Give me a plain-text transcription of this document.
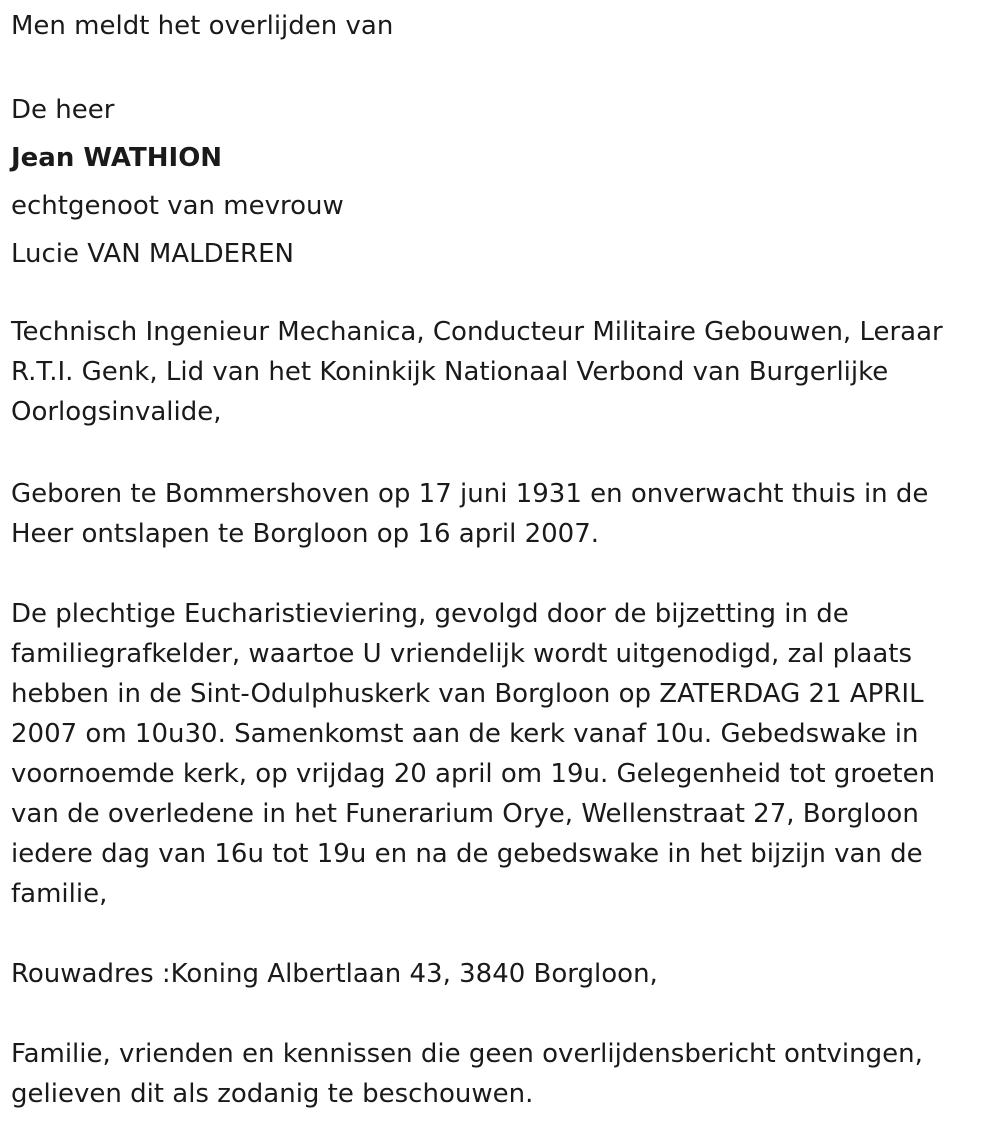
Men meldt het overlijden van

De heer

Jean WATHION

echtgenoot van mevrouw

Lucie VAN MALDEREN

Technisch Ingenieur Mechanica, Conducteur Militaire Gebouwen, Leraar

R.T.I. Genk, Lid van het Koninkijk Nationaal Verbond van Burgerlijke

Oorlogsinvalide,

Geboren te Bommershoven op 17 juni 1931 en onverwacht thuis in de

Heer ontslapen te Borgloon op 16 april 2007.

De plechtige Eucharistieviering, gevolgd door de bijzetting in de

familiegrafkelder, waartoe U vriendelijk wordt uitgenodigd, zal plaats

hebben in de Sint-Odulphuskerk van Borgloon op ZATERDAG 21 APRIL

2007 om 10u30. Samenkomst aan de kerk vanaf 10u. Gebedswake in

voornoemde kerk, op vrijdag 20 april om 19u. Gelegenheid tot groeten

van de overledene in het Funerarium Orye, Wellenstraat 27, Borgloon

iedere dag van 16u tot 19u en na de gebedswake in het bijzijn van de

familie,

Rouwadres :Koning Albertlaan 43, 3840 Borgloon,

Familie, vrienden en kennissen die geen overlijdensbericht ontvingen,

gelieven dit als zodanig te beschouwen.
